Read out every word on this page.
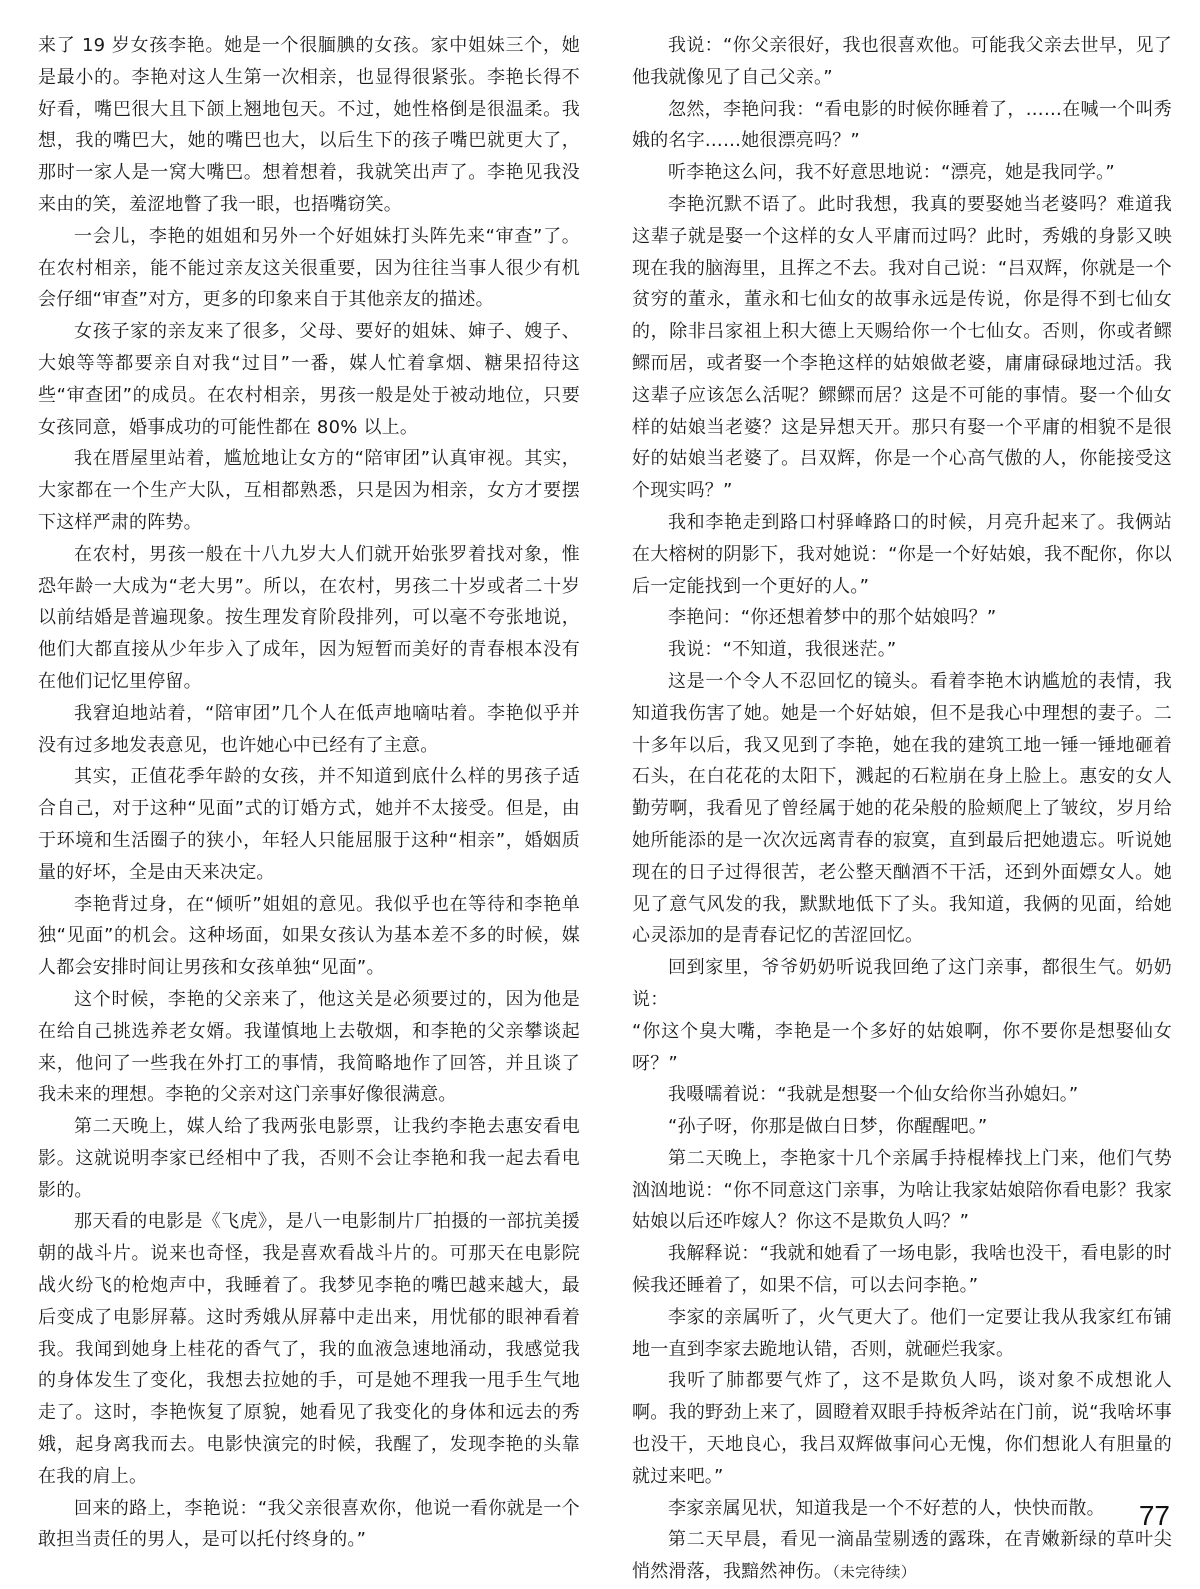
来了 19 岁女孩李艳。她是一个很腼腆的女孩。家中姐妹三个，她是最小的。李艳对这人生第一次相亲，也显得很紧张。李艳长得不好看，嘴巴很大且下颌上翘地包天。不过，她性格倒是很温柔。我想，我的嘴巴大，她的嘴巴也大，以后生下的孩子嘴巴就更大了，那时一家人是一窝大嘴巴。想着想着，我就笑出声了。李艳见我没来由的笑，羞涩地瞥了我一眼，也捂嘴窃笑。

一会儿，李艳的姐姐和另外一个好姐妹打头阵先来“审查”了。在农村相亲，能不能过亲友这关很重要，因为往往当事人很少有机会仔细“审查”对方，更多的印象来自于其他亲友的描述。

女孩子家的亲友来了很多，父母、要好的姐妹、婶子、嫂子、大娘等等都要亲自对我“过目”一番，媒人忙着拿烟、糖果招待这些“审查团”的成员。在农村相亲，男孩一般是处于被动地位，只要女孩同意，婚事成功的可能性都在 80% 以上。

我在厝屋里站着，尴尬地让女方的“陪审团”认真审视。其实，大家都在一个生产大队，互相都熟悉，只是因为相亲，女方才要摆下这样严肃的阵势。

在农村，男孩一般在十八九岁大人们就开始张罗着找对象，惟恐年龄一大成为“老大男”。所以，在农村，男孩二十岁或者二十岁以前结婚是普遍现象。按生理发育阶段排列，可以毫不夸张地说，他们大都直接从少年步入了成年，因为短暂而美好的青春根本没有在他们记忆里停留。

我窘迫地站着，“陪审团”几个人在低声地嘀咕着。李艳似乎并没有过多地发表意见，也许她心中已经有了主意。

其实，正值花季年龄的女孩，并不知道到底什么样的男孩子适合自己，对于这种“见面”式的订婚方式，她并不太接受。但是，由于环境和生活圈子的狭小，年轻人只能屈服于这种“相亲”，婚姻质量的好坏，全是由天来决定。

李艳背过身，在“倾听”姐姐的意见。我似乎也在等待和李艳单独“见面”的机会。这种场面，如果女孩认为基本差不多的时候，媒人都会安排时间让男孩和女孩单独“见面”。

这个时候，李艳的父亲来了，他这关是必须要过的，因为他是在给自己挑选养老女婿。我谨慎地上去敬烟，和李艳的父亲攀谈起来，他问了一些我在外打工的事情，我简略地作了回答，并且谈了我未来的理想。李艳的父亲对这门亲事好像很满意。

第二天晚上，媒人给了我两张电影票，让我约李艳去惠安看电影。这就说明李家已经相中了我，否则不会让李艳和我一起去看电影的。

那天看的电影是《飞虎》，是八一电影制片厂拍摄的一部抗美援朝的战斗片。说来也奇怪，我是喜欢看战斗片的。可那天在电影院战火纷飞的枪炮声中，我睡着了。我梦见李艳的嘴巴越来越大，最后变成了电影屏幕。这时秀娥从屏幕中走出来，用忧郁的眼神看着我。我闻到她身上桂花的香气了，我的血液急速地涌动，我感觉我的身体发生了变化，我想去拉她的手，可是她不理我一甩手生气地走了。这时，李艳恢复了原貌，她看见了我变化的身体和远去的秀娥，起身离我而去。电影快演完的时候，我醒了，发现李艳的头靠在我的肩上。

回来的路上，李艳说：“我父亲很喜欢你，他说一看你就是一个敢担当责任的男人，是可以托付终身的。”

我说：“你父亲很好，我也很喜欢他。可能我父亲去世早，见了他我就像见了自己父亲。”

忽然，李艳问我：“看电影的时候你睡着了，……在喊一个叫秀娥的名字……她很漂亮吗？”

听李艳这么问，我不好意思地说：“漂亮，她是我同学。”

李艳沉默不语了。此时我想，我真的要娶她当老婆吗？难道我这辈子就是娶一个这样的女人平庸而过吗？此时，秀娥的身影又映现在我的脑海里，且挥之不去。我对自己说：“吕双辉，你就是一个贫穷的董永，董永和七仙女的故事永远是传说，你是得不到七仙女的，除非吕家祖上积大德上天赐给你一个七仙女。否则，你或者鳏鳏而居，或者娶一个李艳这样的姑娘做老婆，庸庸碌碌地过活。我这辈子应该怎么活呢？鳏鳏而居？这是不可能的事情。娶一个仙女样的姑娘当老婆？这是异想天开。那只有娶一个平庸的相貌不是很好的姑娘当老婆了。吕双辉，你是一个心高气傲的人，你能接受这个现实吗？”

我和李艳走到路口村驿峰路口的时候，月亮升起来了。我俩站在大榕树的阴影下，我对她说：“你是一个好姑娘，我不配你，你以后一定能找到一个更好的人。”

李艳问：“你还想着梦中的那个姑娘吗？”

我说：“不知道，我很迷茫。”

这是一个令人不忍回忆的镜头。看着李艳木讷尴尬的表情，我知道我伤害了她。她是一个好姑娘，但不是我心中理想的妻子。二十多年以后，我又见到了李艳，她在我的建筑工地一锤一锤地砸着石头，在白花花的太阳下，溅起的石粒崩在身上脸上。惠安的女人勤劳啊，我看见了曾经属于她的花朵般的脸颊爬上了皱纹，岁月给她所能添的是一次次远离青春的寂寞，直到最后把她遗忘。听说她现在的日子过得很苦，老公整天酗酒不干活，还到外面嫖女人。她见了意气风发的我，默默地低下了头。我知道，我俩的见面，给她心灵添加的是青春记忆的苦涩回忆。

回到家里，爷爷奶奶听说我回绝了这门亲事，都很生气。奶奶说：

“你这个臭大嘴，李艳是一个多好的姑娘啊，你不要你是想娶仙女呀？”

我嗫嚅着说：“我就是想娶一个仙女给你当孙媳妇。”

“孙子呀，你那是做白日梦，你醒醒吧。”

第二天晚上，李艳家十几个亲属手持棍棒找上门来，他们气势汹汹地说：“你不同意这门亲事，为啥让我家姑娘陪你看电影？我家姑娘以后还咋嫁人？你这不是欺负人吗？”

我解释说：“我就和她看了一场电影，我啥也没干，看电影的时候我还睡着了，如果不信，可以去问李艳。”

李家的亲属听了，火气更大了。他们一定要让我从我家红布铺地一直到李家去跪地认错，否则，就砸烂我家。

我听了肺都要气炸了，这不是欺负人吗，谈对象不成想讹人啊。我的野劲上来了，圆瞪着双眼手持板斧站在门前，说“我啥坏事也没干，天地良心，我吕双辉做事问心无愧，你们想讹人有胆量的就过来吧。”

李家亲属见状，知道我是一个不好惹的人，快快而散。

第二天早晨，看见一滴晶莹剔透的露珠，在青嫩新绿的草叶尖悄然滑落，我黯然神伤。（未完待续）

77
